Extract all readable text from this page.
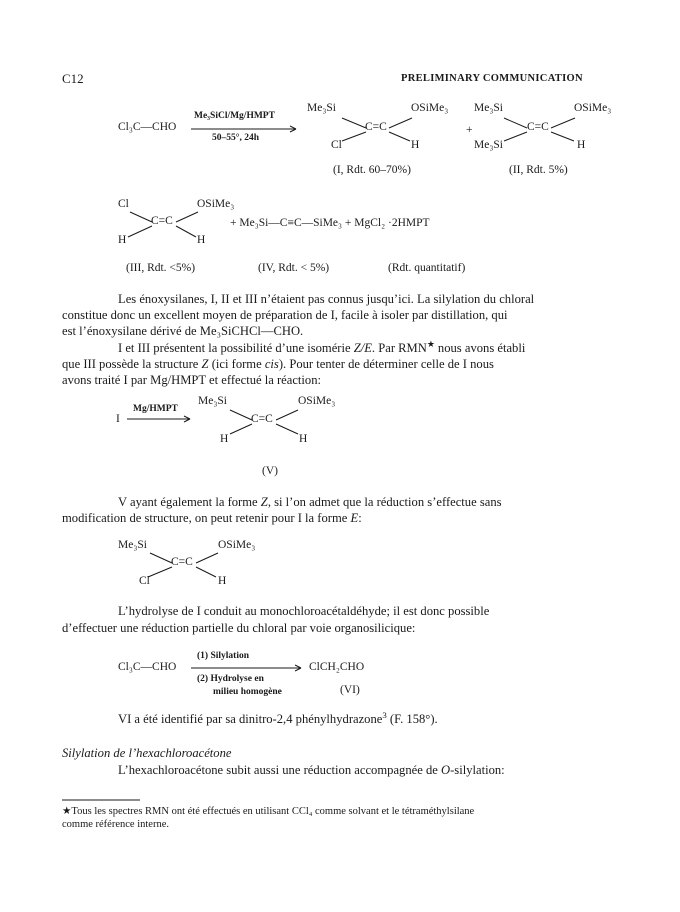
C12	PRELIMINARY COMMUNICATION
Cl₃C—CHO
Me₃SiCl/Mg/HMPT
50–55°, 24h
Me₃Si	OSiMe₃
C=C
Cl	H
(I, Rdt. 60–70%)
+
Me₃Si	OSiMe₃
C=C
Me₃Si	H
(II, Rdt. 5%)
Cl	OSiMe₃
C=C
H	H
+ Me₃Si—C≡C—SiMe₃ + MgCl₂ ·2HMPT
(III, Rdt. <5%)	(IV, Rdt. < 5%)	(Rdt. quantitatif)
Les énoxysilanes, I, II et III n’étaient pas connus jusqu’ici. La silylation du chloral
constitue donc un excellent moyen de préparation de I, facile à isoler par distillation, qui
est l’énoxysilane dérivé de Me₃SiCHCl—CHO.
I et III présentent la possibilité d’une isomérie Z/E. Par RMN★ nous avons établi
que III possède la structure Z (ici forme cis). Pour tenter de déterminer celle de I nous
avons traité I par Mg/HMPT et effectué la réaction:
I
Mg/HMPT
Me₃Si	OSiMe₃
C=C
H	H
(V)
V ayant également la forme Z, si l’on admet que la réduction s’effectue sans
modification de structure, on peut retenir pour I la forme E:
Me₃Si	OSiMe₃
C=C
Cl	H
L’hydrolyse de I conduit au monochloroacétaldéhyde; il est donc possible
d’effectuer une réduction partielle du chloral par voie organosilicique:
Cl₃C—CHO
(1) Silylation
(2) Hydrolyse en
milieu homogène
ClCH₂CHO
(VI)
VI a été identifié par sa dinitro-2,4 phénylhydrazone$^3$ (F. 158°).
Silylation de l’hexachloroacétone
L’hexachloroacétone subit aussi une réduction accompagnée de O-silylation:
★Tous les spectres RMN ont été effectués en utilisant CCl₄ comme solvant et le tétraméthylsilane
comme référence interne.
